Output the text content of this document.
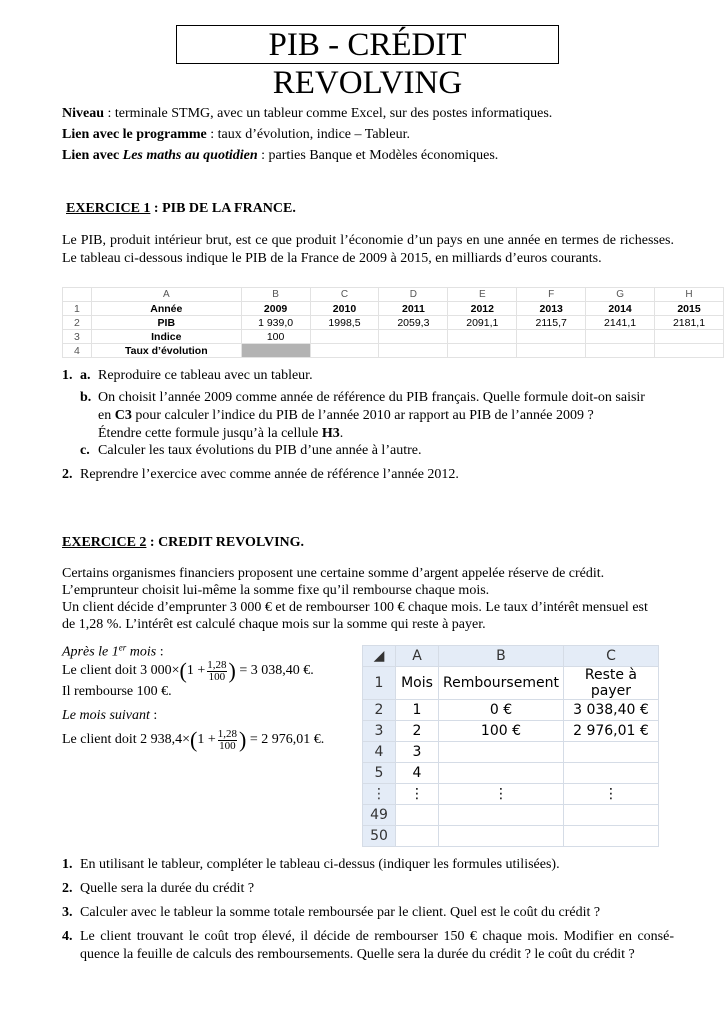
PIB - CRÉDIT REVOLVING
Niveau : terminale STMG, avec un tableur comme Excel, sur des postes informatiques.
Lien avec le programme : taux d’évolution, indice – Tableur.
Lien avec Les maths au quotidien : parties Banque et Modèles économiques.
EXERCICE 1 : PIB DE LA FRANCE.
Le PIB, produit intérieur brut, est ce que produit l’économie d’un pays en une année en termes de richesses. Le tableau ci-dessous indique le PIB de la France de 2009 à 2015, en milliards d’euros courants.
	A	B	C	D	E	F	G	H
1	Année	2009	2010	2011	2012	2013	2014	2015
2	PIB	1 939,0	1998,5	2059,3	2091,1	2115,7	2141,1	2181,1
3	Indice	100						
4	Taux d’évolution							
1. a. Reproduire ce tableau avec un tableur.
b. On choisit l’année 2009 comme année de référence du PIB français. Quelle formule doit-on saisir
en C3 pour calculer l’indice du PIB de l’année 2010 ar rapport au PIB de l’année 2009 ?
Étendre cette formule jusqu’à la cellule H3.
c. Calculer les taux évolutions du PIB d’une année à l’autre.
2. Reprendre l’exercice avec comme année de référence l’année 2012.
EXERCICE 2 : CREDIT REVOLVING.
Certains organismes financiers proposent une certaine somme d’argent appelée réserve de crédit.
L’emprunteur choisit lui-même la somme fixe qu’il rembourse chaque mois.
Un client décide d’emprunter 3 000 € et de rembourser 100 € chaque mois. Le taux d’intérêt mensuel est
de 1,28 %. L’intérêt est calculé chaque mois sur la somme qui reste à payer.
Après le 1er mois :
Le client doit 3 $000\times(1 + \frac{1,28}{100}$ ) = 3 038,40 €.
Il rembourse 100 €.
Le mois suivant :
Le client doit 2 $938,4\times(1 + \frac{1,28}{100}$ ) = 2 976,01 €.
◢	A	B	C
1	Mois	Remboursement	Reste à payer
2	1	0 €	3 038,40 €
3	2	100 €	2 976,01 €
4	3		
5	4		
⋮	⋮	⋮	⋮
49			
50			
1. En utilisant le tableur, compléter le tableau ci-dessus (indiquer les formules utilisées).
2. Quelle sera la durée du crédit ?
3. Calculer avec le tableur la somme totale remboursée par le client. Quel est le coût du crédit ?
4. Le client trouvant le coût trop élevé, il décide de rembourser 150 € chaque mois. Modifier en consé-quence la feuille de calculs des remboursements. Quelle sera la durée du crédit ? le coût du crédit ?
